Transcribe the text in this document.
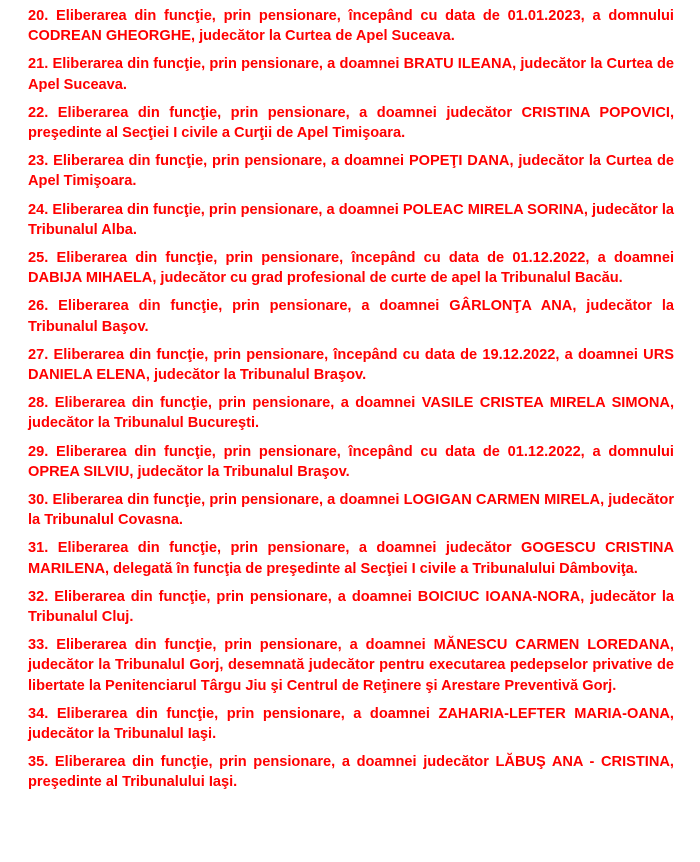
20. Eliberarea din funcţie, prin pensionare, începând cu data de 01.01.2023, a domnului CODREAN GHEORGHE, judecător la Curtea de Apel Suceava.

21. Eliberarea din funcţie, prin pensionare, a doamnei BRATU ILEANA, judecător la Curtea de Apel Suceava.

22. Eliberarea din funcţie, prin pensionare, a doamnei judecător CRISTINA POPOVICI, preşedinte al Secţiei I civile a Curţii de Apel Timişoara.

23. Eliberarea din funcţie, prin pensionare, a doamnei POPEŢI DANA, judecător la Curtea de Apel Timişoara.

24. Eliberarea din funcţie, prin pensionare, a doamnei POLEAC MIRELA SORINA, judecător la Tribunalul Alba.

25. Eliberarea din funcţie, prin pensionare, începând cu data de 01.12.2022, a doamnei DABIJA MIHAELA, judecător cu grad profesional de curte de apel la Tribunalul Bacău.

26. Eliberarea din funcţie, prin pensionare, a doamnei GÂRLONŢA ANA, judecător la Tribunalul Başov.

27. Eliberarea din funcţie, prin pensionare, începând cu data de 19.12.2022, a doamnei URS DANIELA ELENA, judecător la Tribunalul Braşov.

28. Eliberarea din funcţie, prin pensionare, a doamnei VASILE CRISTEA MIRELA SIMONA, judecător la Tribunalul Bucureşti.

29. Eliberarea din funcţie, prin pensionare, începând cu data de 01.12.2022, a domnului OPREA SILVIU, judecător la Tribunalul Braşov.

30. Eliberarea din funcţie, prin pensionare, a doamnei LOGIGAN CARMEN MIRELA, judecător la Tribunalul Covasna.

31. Eliberarea din funcţie, prin pensionare, a doamnei judecător GOGESCU CRISTINA MARILENA, delegată în funcţia de preşedinte al Secţiei I civile a Tribunalului Dâmboviţa.

32. Eliberarea din funcţie, prin pensionare, a doamnei BOICIUC IOANA-NORA, judecător la Tribunalul Cluj.

33. Eliberarea din funcţie, prin pensionare, a doamnei MĂNESCU CARMEN LOREDANA, judecător la Tribunalul Gorj, desemnată judecător pentru executarea pedepselor privative de libertate la Penitenciarul Târgu Jiu şi Centrul de Reţinere şi Arestare Preventivă Gorj.

34. Eliberarea din funcţie, prin pensionare, a doamnei ZAHARIA-LEFTER MARIA-OANA, judecător la Tribunalul Iaşi.

35. Eliberarea din funcţie, prin pensionare, a doamnei judecător LĂBUŞ ANA - CRISTINA, preşedinte al Tribunalului Iaşi.
